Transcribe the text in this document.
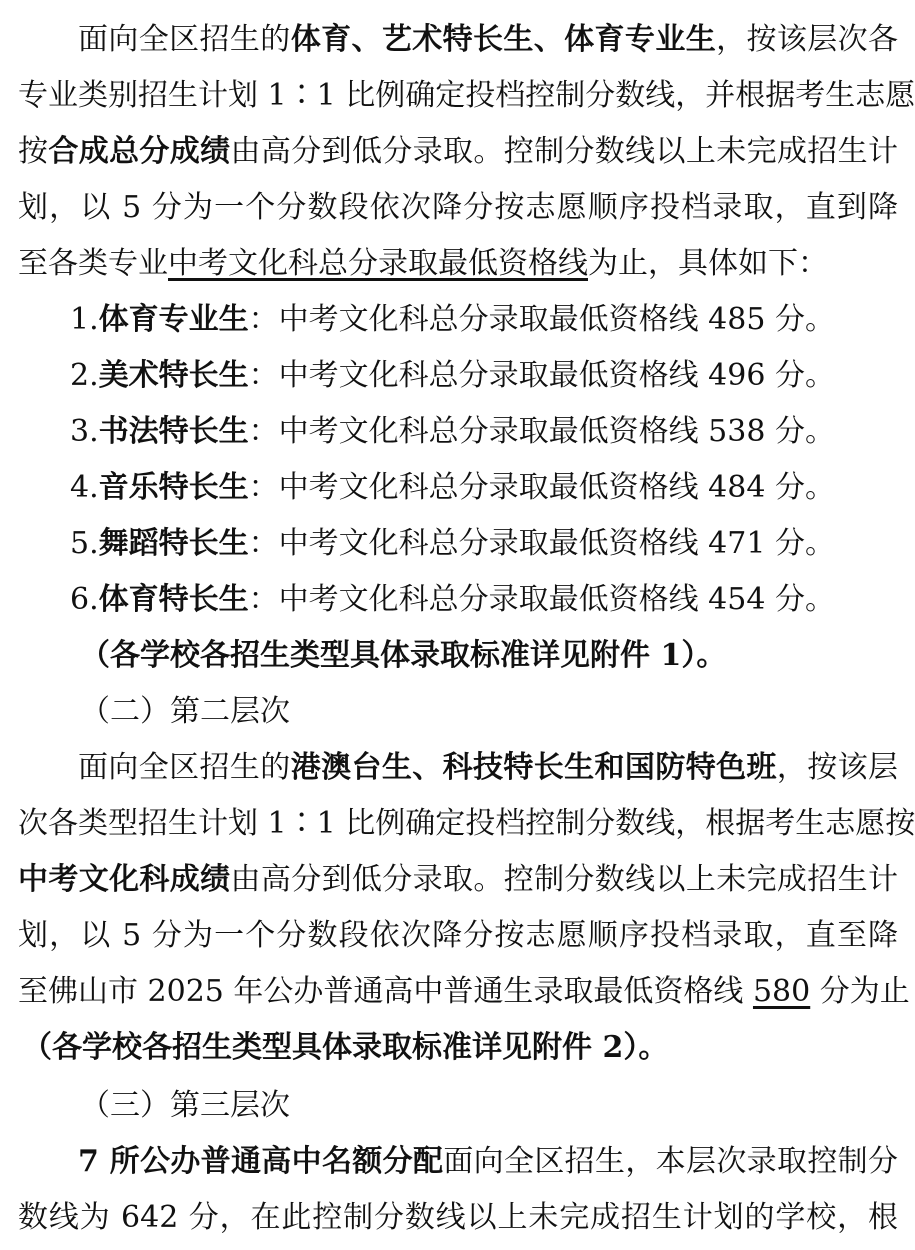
面向全区招生的体育、艺术特长生、体育专业生，按该层次各
专业类别招生计划 1∶1 比例确定投档控制分数线，并根据考生志愿
按合成总分成绩由高分到低分录取。控制分数线以上未完成招生计
划，以 5 分为一个分数段依次降分按志愿顺序投档录取，直到降
至各类专业中考文化科总分录取最低资格线为止，具体如下：
1.体育专业生：中考文化科总分录取最低资格线 485 分。
2.美术特长生：中考文化科总分录取最低资格线 496 分。
3.书法特长生：中考文化科总分录取最低资格线 538 分。
4.音乐特长生：中考文化科总分录取最低资格线 484 分。
5.舞蹈特长生：中考文化科总分录取最低资格线 471 分。
6.体育特长生：中考文化科总分录取最低资格线 454 分。
（各学校各招生类型具体录取标准详见附件 1）。
（二）第二层次
面向全区招生的港澳台生、科技特长生和国防特色班，按该层
次各类型招生计划 1∶1 比例确定投档控制分数线，根据考生志愿按
中考文化科成绩由高分到低分录取。控制分数线以上未完成招生计
划，以 5 分为一个分数段依次降分按志愿顺序投档录取，直至降
至佛山市 2025 年公办普通高中普通生录取最低资格线 580 分为止
（各学校各招生类型具体录取标准详见附件 2）。
（三）第三层次
7 所公办普通高中名额分配面向全区招生，本层次录取控制分
数线为 642 分，在此控制分数线以上未完成招生计划的学校，根
